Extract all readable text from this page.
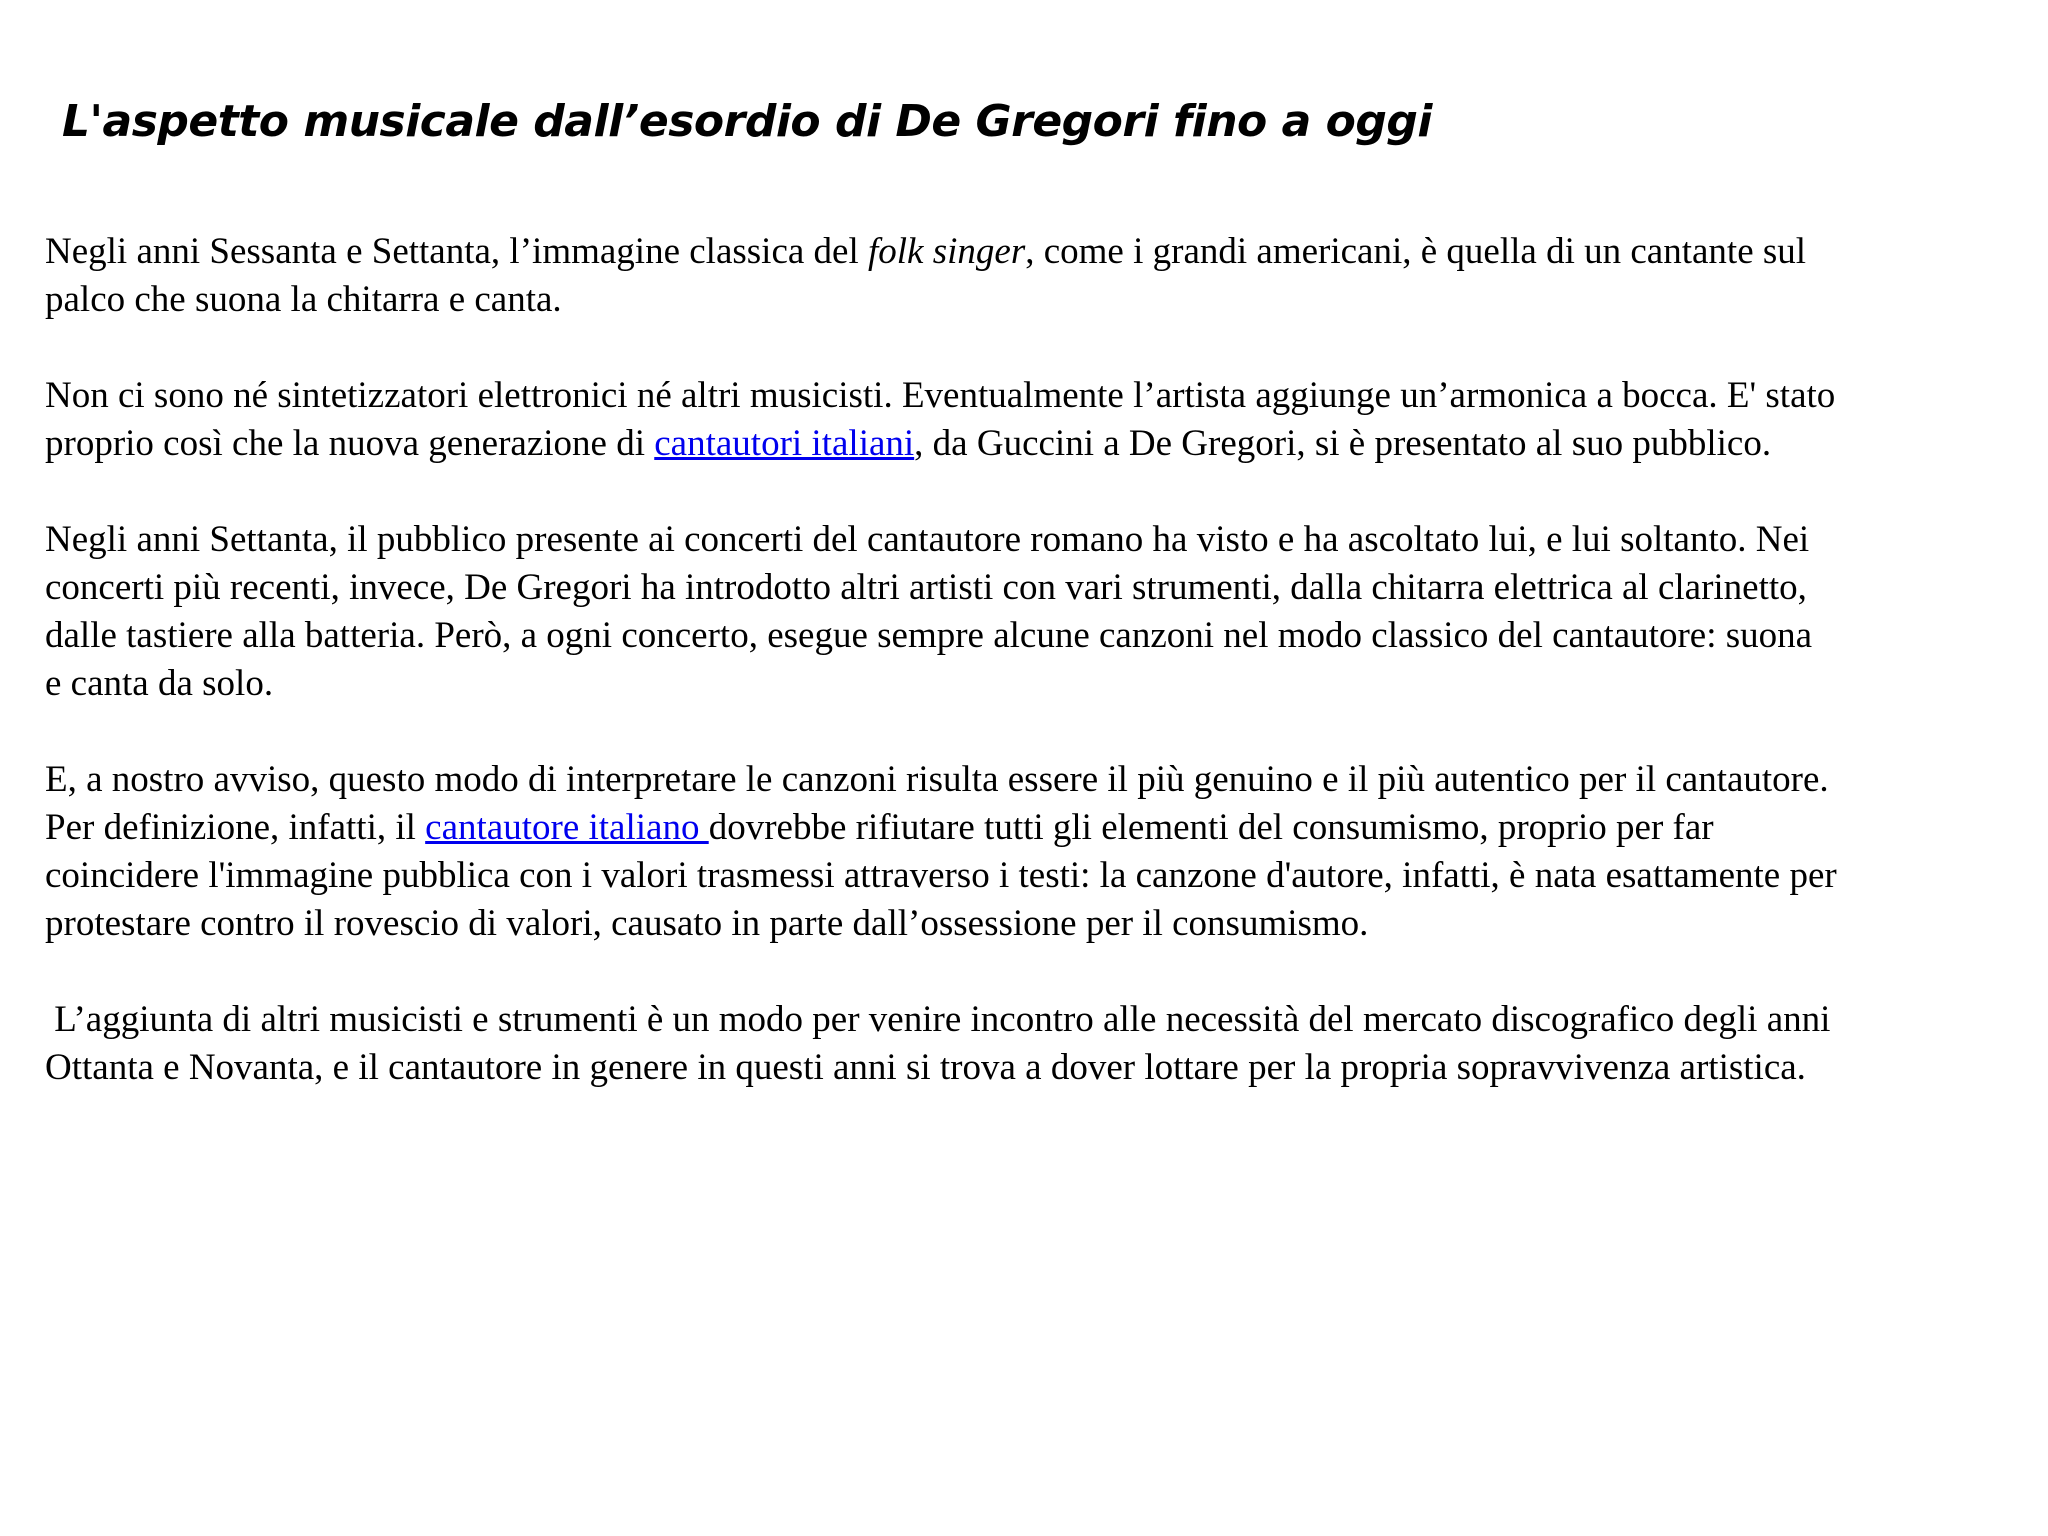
L'aspetto musicale dall’esordio di De Gregori fino a oggi

Negli anni Sessanta e Settanta, l’immagine classica del folk singer, come i grandi americani, è quella di un cantante sul
palco che suona la chitarra e canta.

Non ci sono né sintetizzatori elettronici né altri musicisti. Eventualmente l’artista aggiunge un’armonica a bocca. E' stato
proprio così che la nuova generazione di cantautori italiani, da Guccini a De Gregori, si è presentato al suo pubblico.

Negli anni Settanta, il pubblico presente ai concerti del cantautore romano ha visto e ha ascoltato lui, e lui soltanto. Nei
concerti più recenti, invece, De Gregori ha introdotto altri artisti con vari strumenti, dalla chitarra elettrica al clarinetto,
dalle tastiere alla batteria. Però, a ogni concerto, esegue sempre alcune canzoni nel modo classico del cantautore: suona
e canta da solo.

E, a nostro avviso, questo modo di interpretare le canzoni risulta essere il più genuino e il più autentico per il cantautore.
Per definizione, infatti, il cantautore italiano dovrebbe rifiutare tutti gli elementi del consumismo, proprio per far
coincidere l'immagine pubblica con i valori trasmessi attraverso i testi: la canzone d'autore, infatti, è nata esattamente per
protestare contro il rovescio di valori, causato in parte dall’ossessione per il consumismo.

L’aggiunta di altri musicisti e strumenti è un modo per venire incontro alle necessità del mercato discografico degli anni
Ottanta e Novanta, e il cantautore in genere in questi anni si trova a dover lottare per la propria sopravvivenza artistica.
